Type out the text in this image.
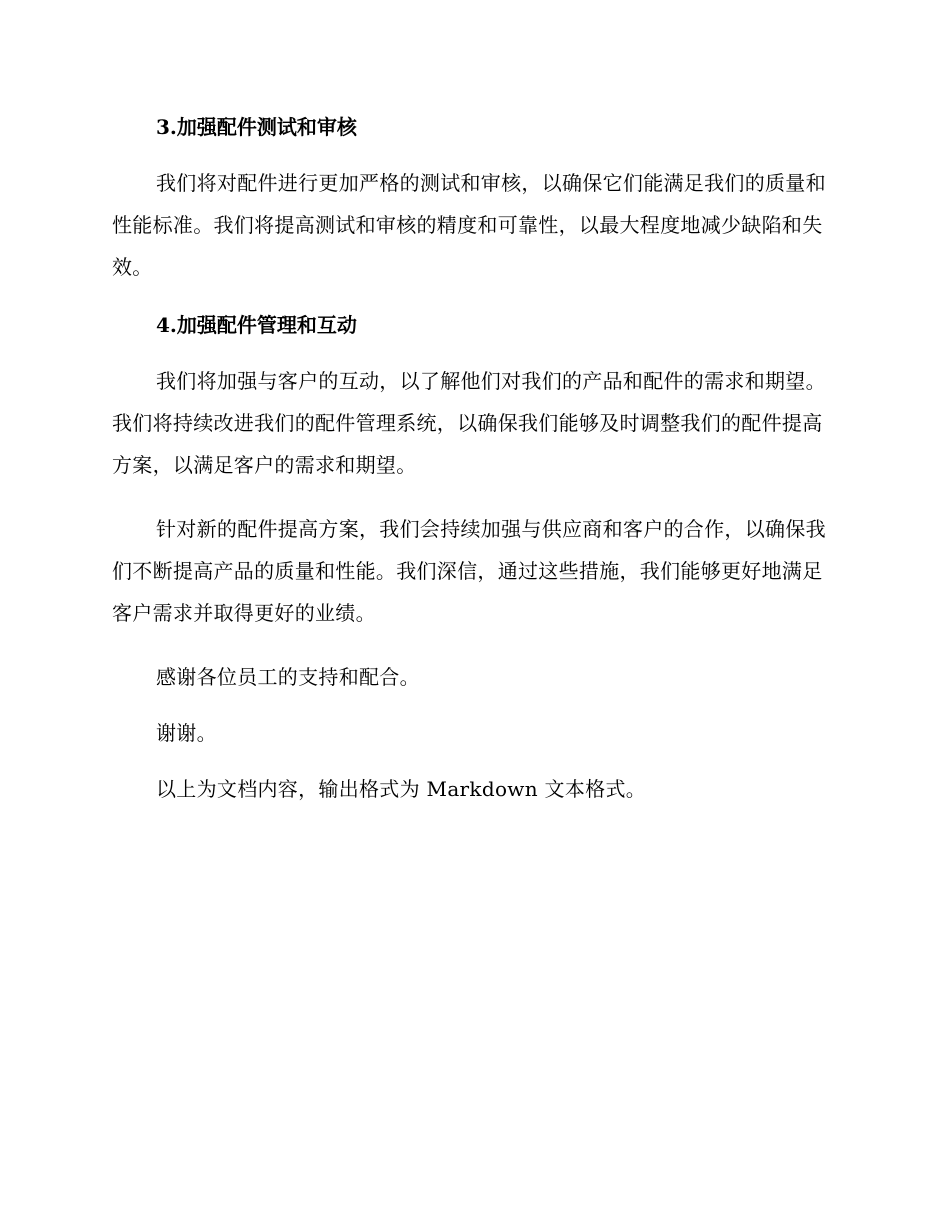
3.加强配件测试和审核

我们将对配件进行更加严格的测试和审核，以确保它们能满足我们的质量和性能标准。我们将提高测试和审核的精度和可靠性，以最大程度地减少缺陷和失效。

4.加强配件管理和互动

我们将加强与客户的互动，以了解他们对我们的产品和配件的需求和期望。我们将持续改进我们的配件管理系统，以确保我们能够及时调整我们的配件提高方案，以满足客户的需求和期望。

针对新的配件提高方案，我们会持续加强与供应商和客户的合作，以确保我们不断提高产品的质量和性能。我们深信，通过这些措施，我们能够更好地满足客户需求并取得更好的业绩。

感谢各位员工的支持和配合。

谢谢。

以上为文档内容，输出格式为 Markdown 文本格式。
